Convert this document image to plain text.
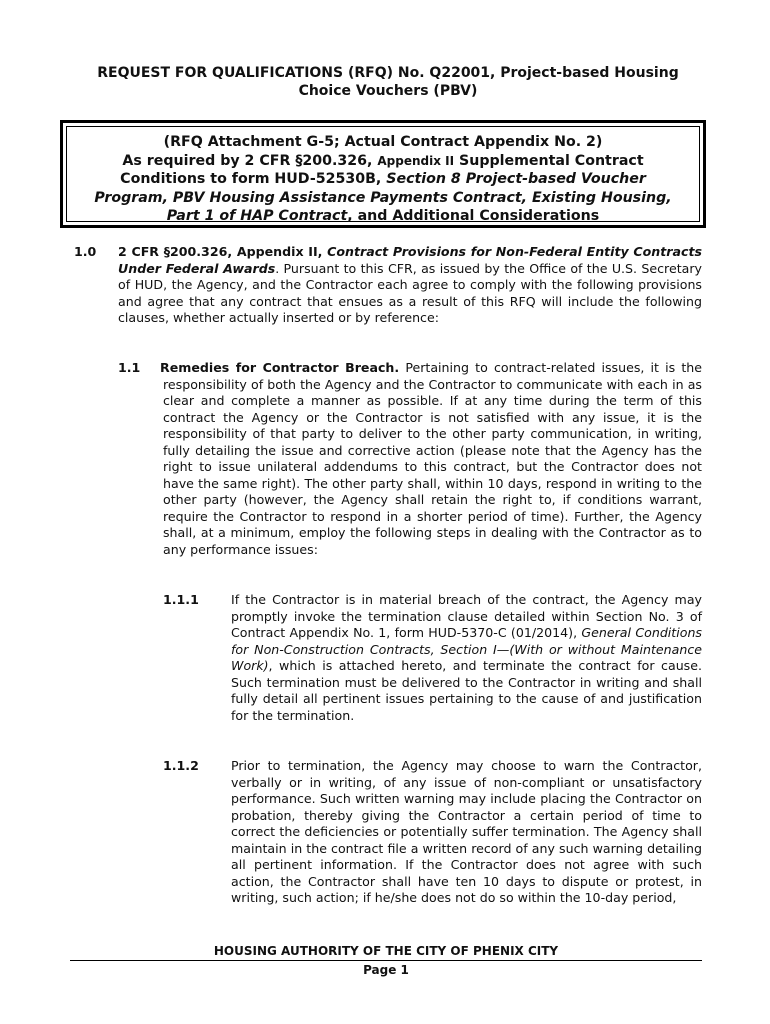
REQUEST FOR QUALIFICATIONS (RFQ) No. Q22001, Project-based Housing
Choice Vouchers (PBV)
(RFQ Attachment G-5; Actual Contract Appendix No. 2)
As required by 2 CFR §200.326, Appendix II Supplemental Contract
Conditions to form HUD-52530B, Section 8 Project-based Voucher
Program, PBV Housing Assistance Payments Contract, Existing Housing,
Part 1 of HAP Contract, and Additional Considerations
1.0 2 CFR §200.326, Appendix II, Contract Provisions for Non-Federal Entity Contracts Under Federal Awards. Pursuant to this CFR, as issued by the Office of the U.S. Secretary of HUD, the Agency, and the Contractor each agree to comply with the following provisions and agree that any contract that ensues as a result of this RFQ will include the following clauses, whether actually inserted or by reference:
1.1 Remedies for Contractor Breach. Pertaining to contract-related issues, it is the responsibility of both the Agency and the Contractor to communicate with each in as clear and complete a manner as possible. If at any time during the term of this contract the Agency or the Contractor is not satisfied with any issue, it is the responsibility of that party to deliver to the other party communication, in writing, fully detailing the issue and corrective action (please note that the Agency has the right to issue unilateral addendums to this contract, but the Contractor does not have the same right). The other party shall, within 10 days, respond in writing to the other party (however, the Agency shall retain the right to, if conditions warrant, require the Contractor to respond in a shorter period of time). Further, the Agency shall, at a minimum, employ the following steps in dealing with the Contractor as to any performance issues:
1.1.1	If the Contractor is in material breach of the contract, the Agency may promptly invoke the termination clause detailed within Section No. 3 of Contract Appendix No. 1, form HUD-5370-C (01/2014), General Conditions for Non-Construction Contracts, Section I—(With or without Maintenance Work), which is attached hereto, and terminate the contract for cause. Such termination must be delivered to the Contractor in writing and shall fully detail all pertinent issues pertaining to the cause of and justification for the termination.
1.1.2	Prior to termination, the Agency may choose to warn the Contractor, verbally or in writing, of any issue of non-compliant or unsatisfactory performance. Such written warning may include placing the Contractor on probation, thereby giving the Contractor a certain period of time to correct the deficiencies or potentially suffer termination. The Agency shall maintain in the contract file a written record of any such warning detailing all pertinent information. If the Contractor does not agree with such action, the Contractor shall have ten 10 days to dispute or protest, in writing, such action; if he/she does not do so within the 10-day period,
HOUSING AUTHORITY OF THE CITY OF PHENIX CITY
Page 1
